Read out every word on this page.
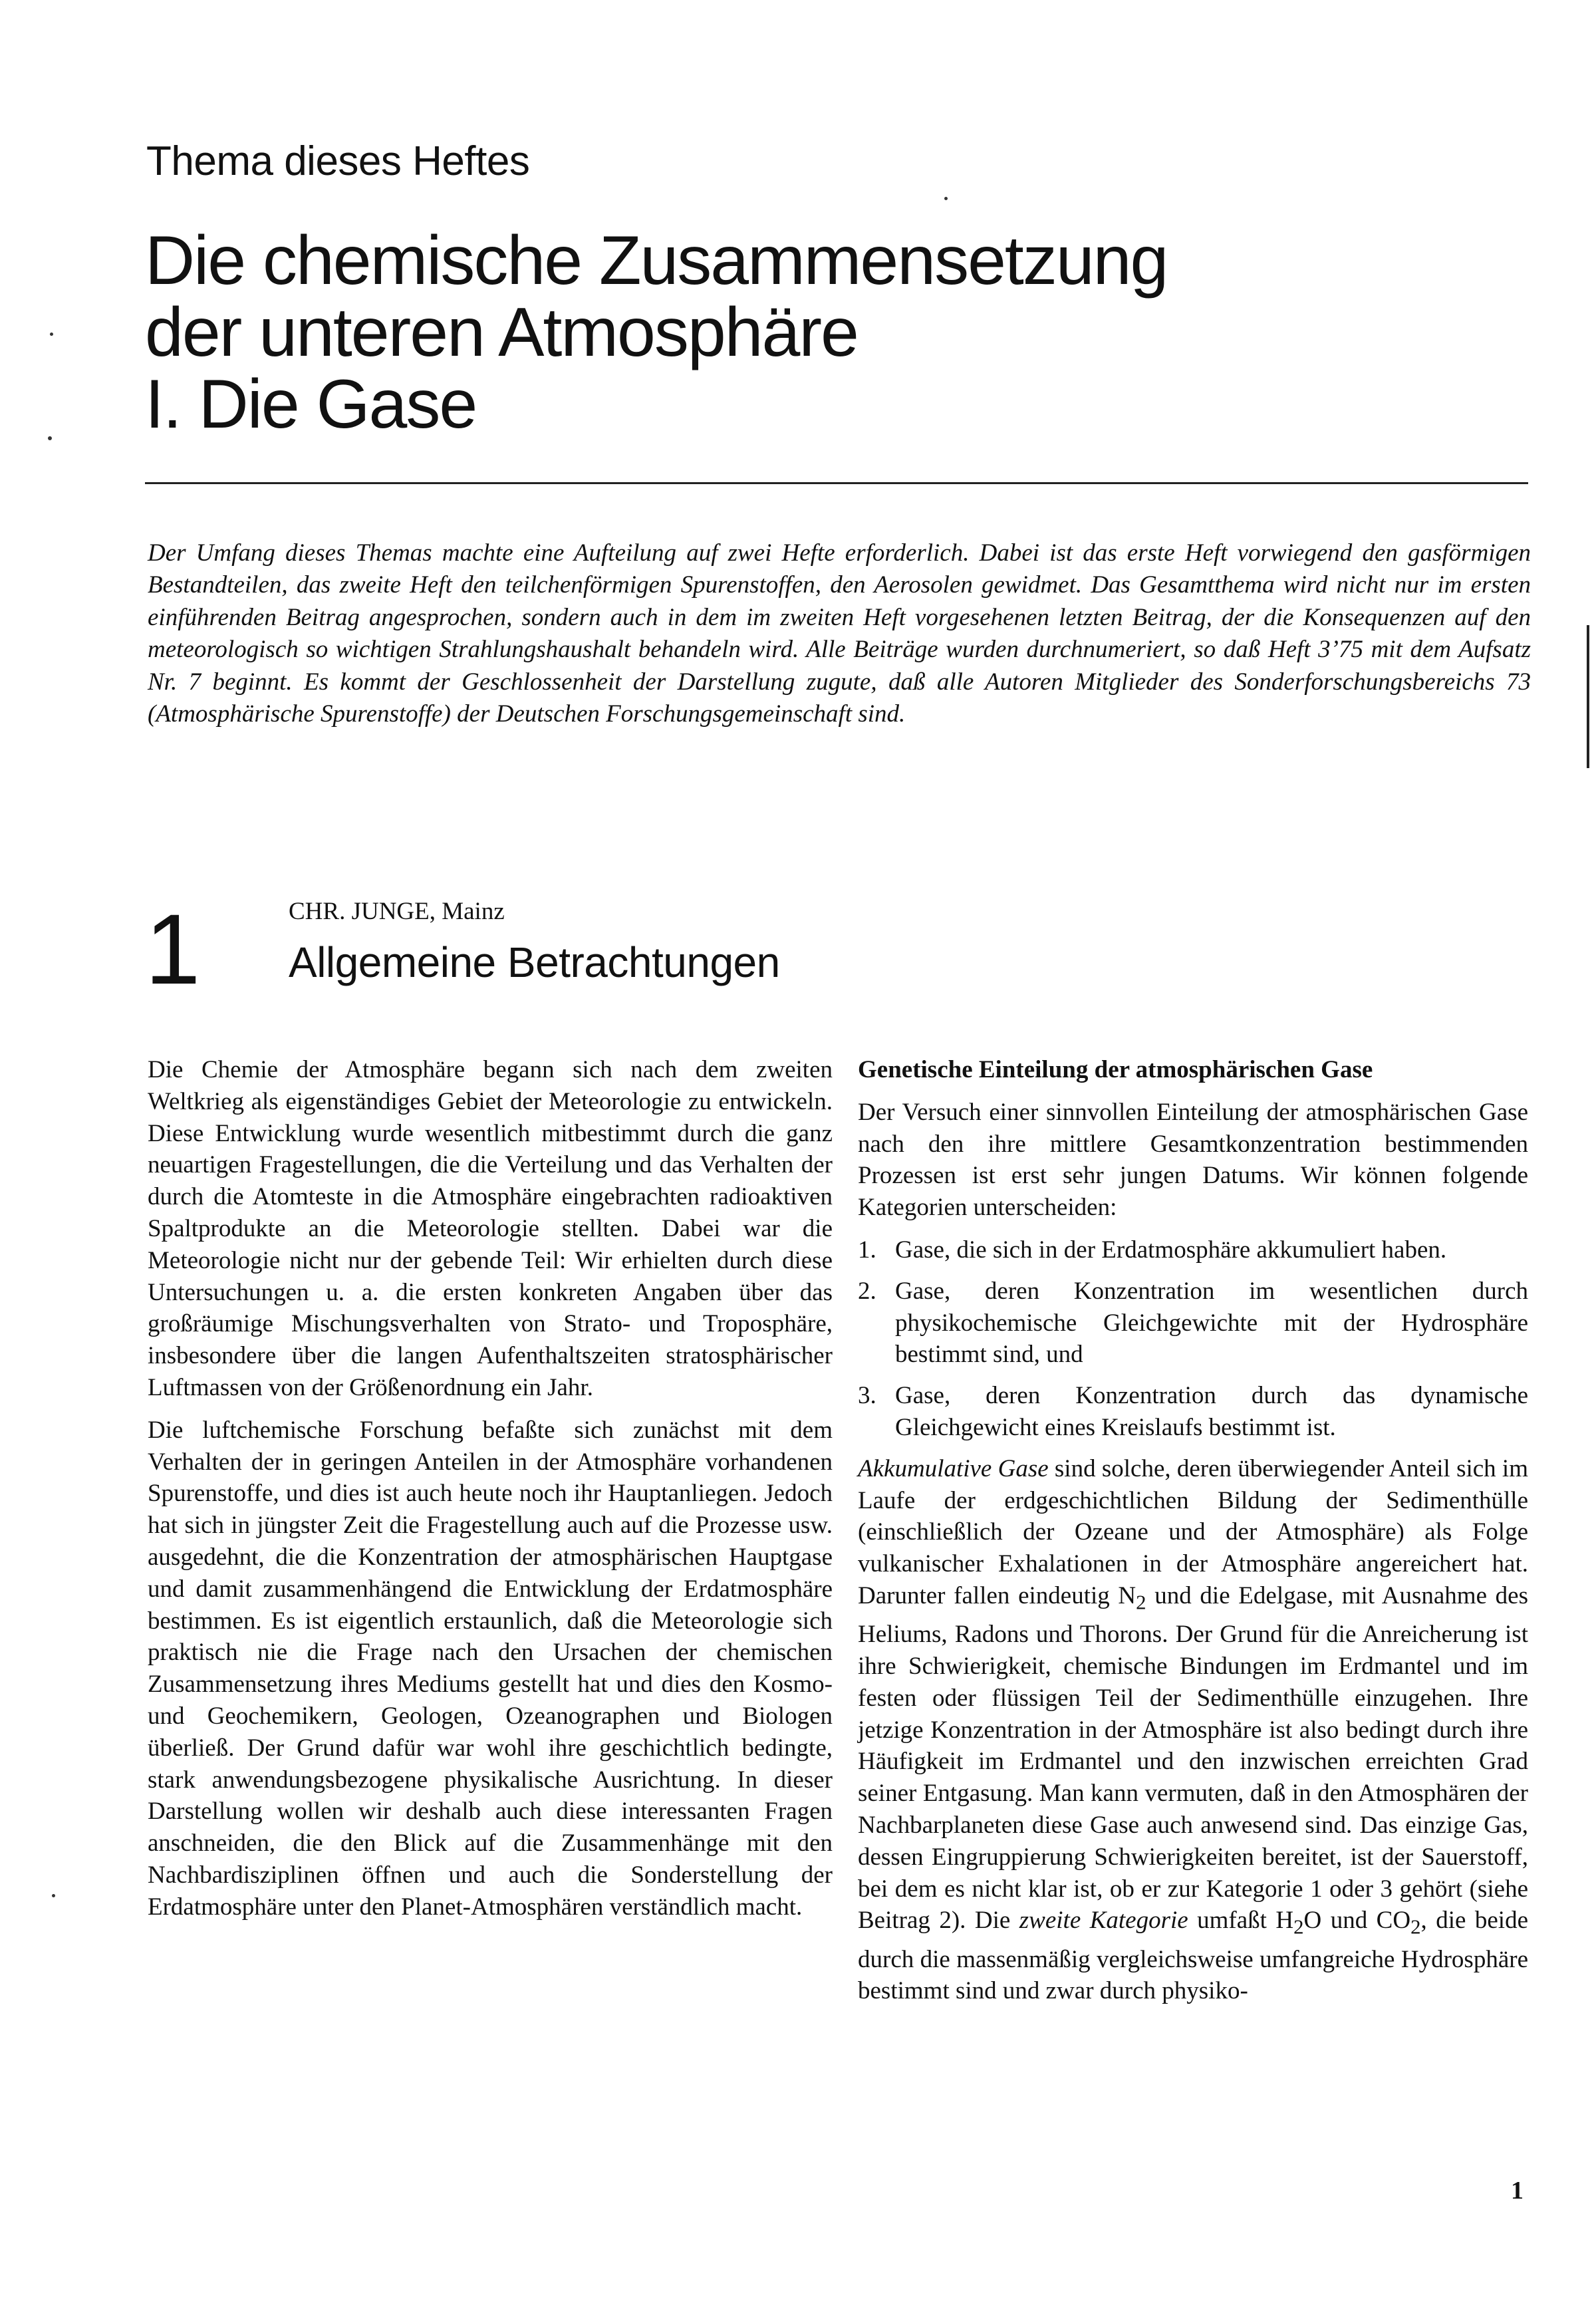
Thema dieses Heftes
Die chemische Zusammensetzung
der unteren Atmosphäre
I. Die Gase
Der Umfang dieses Themas machte eine Aufteilung auf zwei Hefte erforderlich. Dabei ist das erste Heft vorwiegend den gasförmigen Bestandteilen, das zweite Heft den teilchenförmigen Spurenstoffen, den Aerosolen gewidmet. Das Gesamtthema wird nicht nur im ersten einführenden Beitrag angesprochen, sondern auch in dem im zweiten Heft vorgesehenen letzten Beitrag, der die Konsequenzen auf den meteorologisch so wichtigen Strahlungshaushalt behandeln wird. Alle Beiträge wurden durchnumeriert, so daß Heft 3’75 mit dem Aufsatz Nr. 7 beginnt. Es kommt der Geschlossenheit der Darstellung zugute, daß alle Autoren Mitglieder des Sonderforschungsbereichs 73 (Atmosphärische Spurenstoffe) der Deutschen Forschungsgemeinschaft sind.
1	CHR. JUNGE, Mainz
Allgemeine Betrachtungen

Die Chemie der Atmosphäre begann sich nach dem zweiten Weltkrieg als eigenständiges Gebiet der Meteorologie zu entwickeln. Diese Entwicklung wurde wesentlich mitbestimmt durch die ganz neuartigen Fragestellungen, die die Verteilung und das Verhalten der durch die Atomteste in die Atmosphäre eingebrachten radioaktiven Spaltprodukte an die Meteorologie stellten. Dabei war die Meteorologie nicht nur der gebende Teil: Wir erhielten durch diese Untersuchungen u. a. die ersten konkreten Angaben über das großräumige Mischungsverhalten von Strato- und Troposphäre, insbesondere über die langen Aufenthaltszeiten stratosphärischer Luftmassen von der Größenordnung ein Jahr.

Die luftchemische Forschung befaßte sich zunächst mit dem Verhalten der in geringen Anteilen in der Atmosphäre vorhandenen Spurenstoffe, und dies ist auch heute noch ihr Hauptanliegen. Jedoch hat sich in jüngster Zeit die Fragestellung auch auf die Prozesse usw. ausgedehnt, die die Konzentration der atmosphärischen Hauptgase und damit zusammenhängend die Entwicklung der Erdatmosphäre bestimmen. Es ist eigentlich erstaunlich, daß die Meteorologie sich praktisch nie die Frage nach den Ursachen der chemischen Zusammensetzung ihres Mediums gestellt hat und dies den Kosmo- und Geochemikern, Geologen, Ozeanographen und Biologen überließ. Der Grund dafür war wohl ihre geschichtlich bedingte, stark anwendungsbezogene physikalische Ausrichtung. In dieser Darstellung wollen wir deshalb auch diese interessanten Fragen anschneiden, die den Blick auf die Zusammenhänge mit den Nachbardisziplinen öffnen und auch die Sonderstellung der Erdatmosphäre unter den Planet-Atmosphären verständlich macht.

Genetische Einteilung der atmosphärischen Gase

Der Versuch einer sinnvollen Einteilung der atmosphärischen Gase nach den ihre mittlere Gesamtkonzentration bestimmenden Prozessen ist erst sehr jungen Datums. Wir können folgende Kategorien unterscheiden:

1. Gase, die sich in der Erdatmosphäre akkumuliert haben.
2. Gase, deren Konzentration im wesentlichen durch physikochemische Gleichgewichte mit der Hydrosphäre bestimmt sind, und
3. Gase, deren Konzentration durch das dynamische Gleichgewicht eines Kreislaufs bestimmt ist.

Akkumulative Gase sind solche, deren überwiegender Anteil sich im Laufe der erdgeschichtlichen Bildung der Sedimenthülle (einschließlich der Ozeane und der Atmosphäre) als Folge vulkanischer Exhalationen in der Atmosphäre angereichert hat. Darunter fallen eindeutig $N_2$ und die Edelgase, mit Ausnahme des Heliums, Radons und Thorons. Der Grund für die Anreicherung ist ihre Schwierigkeit, chemische Bindungen im Erdmantel und im festen oder flüssigen Teil der Sedimenthülle einzugehen. Ihre jetzige Konzentration in der Atmosphäre ist also bedingt durch ihre Häufigkeit im Erdmantel und den inzwischen erreichten Grad seiner Entgasung. Man kann vermuten, daß in den Atmosphären der Nachbarplaneten diese Gase auch anwesend sind. Das einzige Gas, dessen Eingruppierung Schwierigkeiten bereitet, ist der Sauerstoff, bei dem es nicht klar ist, ob er zur Kategorie 1 oder 3 gehört (siehe Beitrag 2). Die zweite Kategorie umfaßt $H_2O$ und $CO_2$, die beide durch die massenmäßig vergleichsweise umfangreiche Hydrosphäre bestimmt sind und zwar durch physiko-

1
